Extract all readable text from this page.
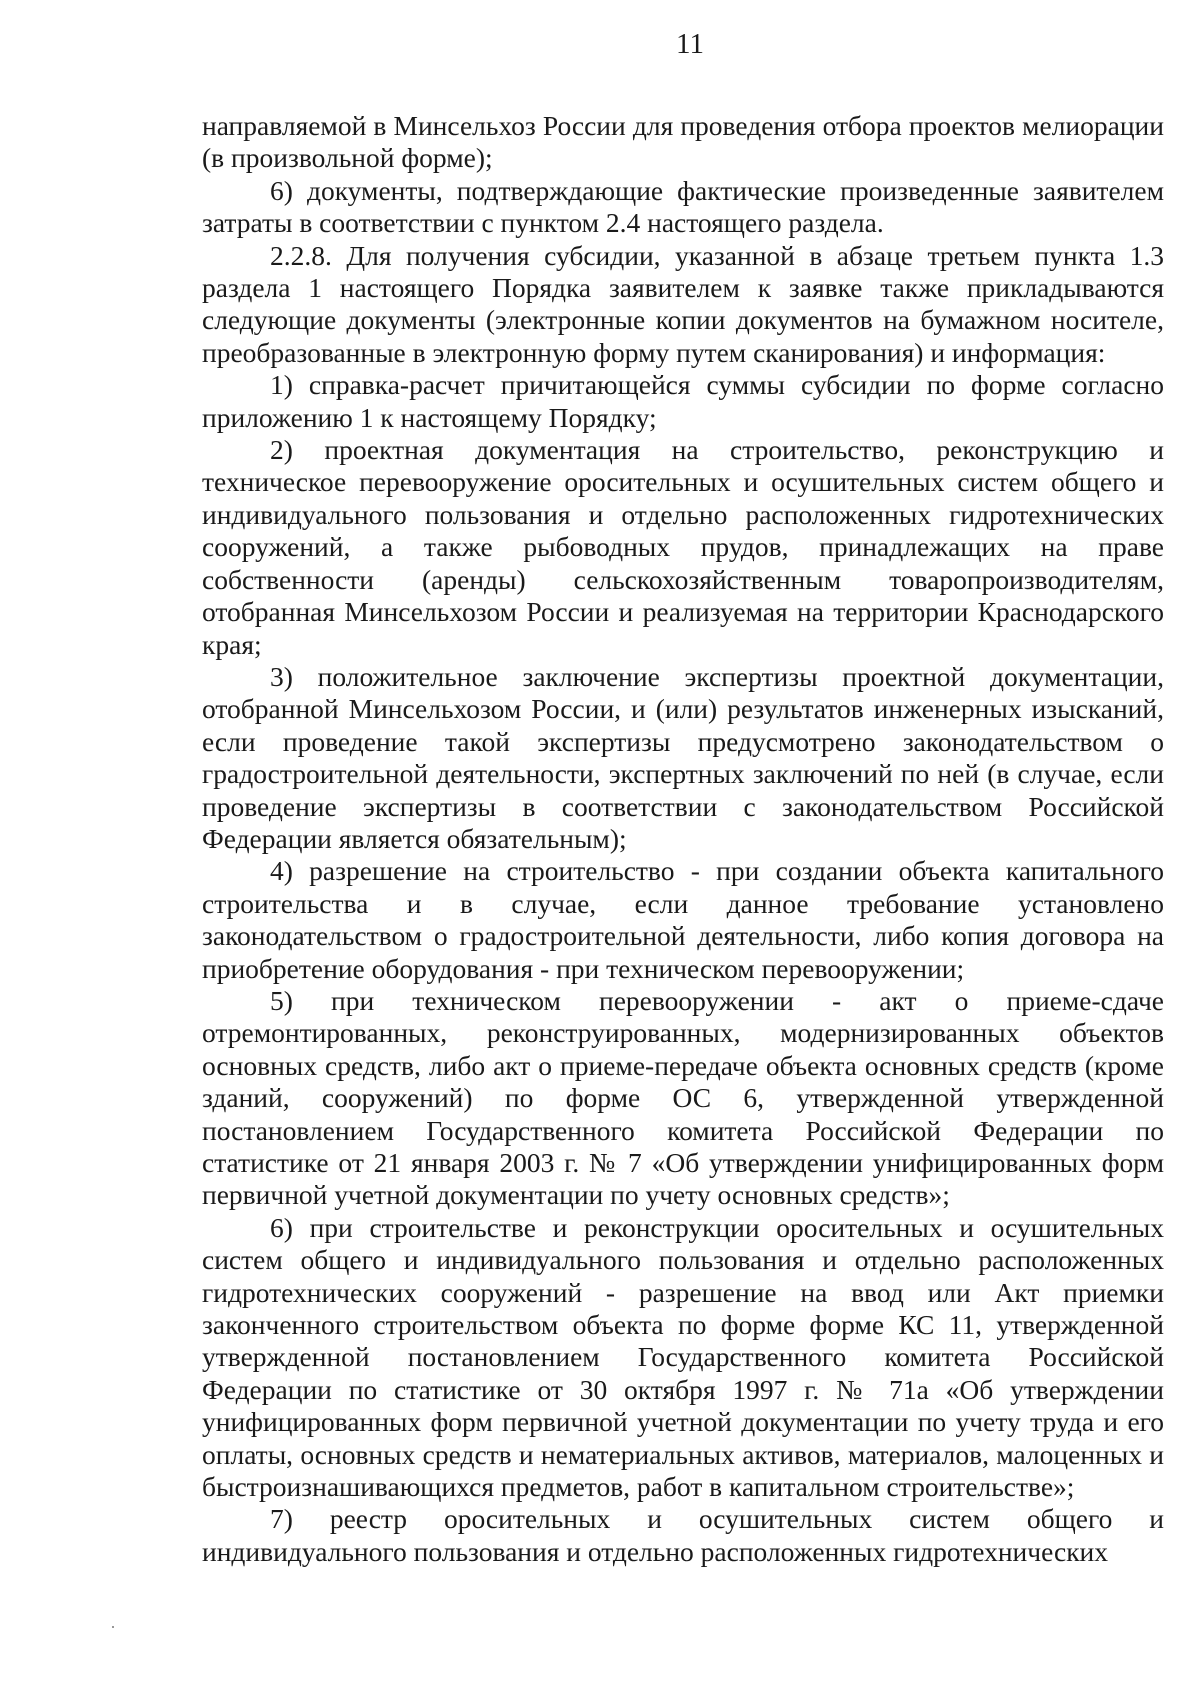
11

направляемой в Минсельхоз России для проведения отбора проектов мелиорации (в произвольной форме);

6) документы, подтверждающие фактические произведенные заявителем затраты в соответствии с пунктом 2.4 настоящего раздела.

2.2.8. Для получения субсидии, указанной в абзаце третьем пункта 1.3 раздела 1 настоящего Порядка заявителем к заявке также прикладываются следующие документы (электронные копии документов на бумажном носителе, преобразованные в электронную форму путем сканирования) и информация:

1) справка-расчет причитающейся суммы субсидии по форме согласно приложению 1 к настоящему Порядку;

2) проектная документация на строительство, реконструкцию и техническое перевооружение оросительных и осушительных систем общего и индивидуального пользования и отдельно расположенных гидротехнических сооружений, а также рыбоводных прудов, принадлежащих на праве собственности (аренды) сельскохозяйственным товаропроизводителям, отобранная Минсельхозом России и реализуемая на территории Краснодарского края;

3) положительное заключение экспертизы проектной документации, отобранной Минсельхозом России, и (или) результатов инженерных изысканий, если проведение такой экспертизы предусмотрено законодательством о градостроительной деятельности, экспертных заключений по ней (в случае, если проведение экспертизы в соответствии с законодательством Российской Федерации является обязательным);

4) разрешение на строительство - при создании объекта капитального строительства и в случае, если данное требование установлено законодательством о градостроительной деятельности, либо копия договора на приобретение оборудования - при техническом перевооружении;

5) при техническом перевооружении - акт о приеме-сдаче отремонтированных, реконструированных, модернизированных объектов основных средств, либо акт о приеме-передаче объекта основных средств (кроме зданий, сооружений) по форме ОС 6, утвержденной утвержденной постановлением Государственного комитета Российской Федерации по статистике от 21 января 2003 г. № 7 «Об утверждении унифицированных форм первичной учетной документации по учету основных средств»;

6) при строительстве и реконструкции оросительных и осушительных систем общего и индивидуального пользования и отдельно расположенных гидротехнических сооружений - разрешение на ввод или Акт приемки законченного строительством объекта по форме форме КС 11, утвержденной утвержденной постановлением Государственного комитета Российской Федерации по статистике от 30 октября 1997 г. № 71а «Об утверждении унифицированных форм первичной учетной документации по учету труда и его оплаты, основных средств и нематериальных активов, материалов, малоценных и быстроизнашивающихся предметов, работ в капитальном строительстве»;

7) реестр оросительных и осушительных систем общего и индивидуального пользования и отдельно расположенных гидротехнических
